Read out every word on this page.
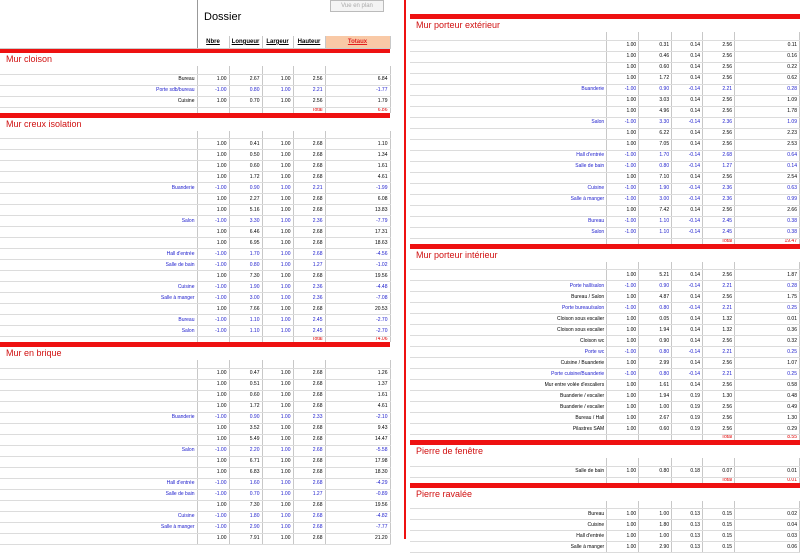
Dossier
Vue en plan
	Nbre	Longueur	Largeur	Hauteur	Totaux

Mur cloison					

Bureau	1.00	2.67	1.00	2.56	6.84
Porte sdb/bureau	-1.00	0.80	1.00	2.21	-1.77
Cuisine	1.00	0.70	1.00	2.56	1.79
				Total	6.86

Mur creux isolation					

	1.00	0.41	1.00	2.68	1.10
	1.00	0.50	1.00	2.68	1.34
	1.00	0.60	1.00	2.68	1.61
	1.00	1.72	1.00	2.68	4.61
Buanderie	-1.00	0.90	1.00	2.21	-1.99
	1.00	2.27	1.00	2.68	6.08
	1.00	5.16	1.00	2.68	13.83
Salon	-1.00	3.30	1.00	2.36	-7.79
	1.00	6.46	1.00	2.68	17.31
	1.00	6.95	1.00	2.68	18.63
Hall d'entrée	-1.00	1.70	1.00	2.68	-4.56
Salle de bain	-1.00	0.80	1.00	1.27	-1.02
	1.00	7.30	1.00	2.68	19.56
Cuisine	-1.00	1.90	1.00	2.36	-4.48
Salle à manger	-1.00	3.00	1.00	2.36	-7.08
	1.00	7.66	1.00	2.68	20.53
Bureau	-1.00	1.10	1.00	2.45	-2.70
Salon	-1.00	1.10	1.00	2.45	-2.70
				Total	74.06

Mur en brique					

	1.00	0.47	1.00	2.68	1.26
	1.00	0.51	1.00	2.68	1.37
	1.00	0.60	1.00	2.68	1.61
	1.00	1.72	1.00	2.68	4.61
Buanderie	-1.00	0.90	1.00	2.33	-2.10
	1.00	3.52	1.00	2.68	9.43
	1.00	5.49	1.00	2.68	14.47
Salon	-1.00	2.20	1.00	2.68	-5.58
	1.00	6.71	1.00	2.68	17.98
	1.00	6.83	1.00	2.68	18.30
Hall d'entrée	-1.00	1.60	1.00	2.68	-4.29
Salle de bain	-1.00	0.70	1.00	1.27	-0.89
	1.00	7.30	1.00	2.68	19.56
Cuisine	-1.00	1.80	1.00	2.68	-4.82
Salle à manger	-1.00	2.90	1.00	2.68	-7.77
	1.00	7.91	1.00	2.68	21.20

Mur porteur extérieur					

	1.00	0.31	0.14	2.56	0.11
	1.00	0.46	0.14	2.56	0.16
	1.00	0.60	0.14	2.56	0.22
	1.00	1.72	0.14	2.56	0.62
Buanderie	-1.00	0.90	-0.14	2.21	0.28
	1.00	3.03	0.14	2.56	1.09
	1.00	4.96	0.14	2.56	1.78
Salon	-1.00	3.30	-0.14	2.36	1.09
	1.00	6.22	0.14	2.56	2.23
	1.00	7.05	0.14	2.56	2.53
Hall d'entrée	-1.00	1.70	-0.14	2.68	0.64
Salle de bain	-1.00	0.80	-0.14	1.27	0.14
	1.00	7.10	0.14	2.56	2.54
Cuisine	-1.00	1.90	-0.14	2.36	0.63
Salle à manger	-1.00	3.00	-0.14	2.36	0.99
	1.00	7.42	0.14	2.56	2.66
Bureau	-1.00	1.10	-0.14	2.45	0.38
Salon	-1.00	1.10	-0.14	2.45	0.38
				Total	19.47

Mur porteur intérieur					

	1.00	5.21	0.14	2.56	1.87
Porte hall/salon	-1.00	0.90	-0.14	2.21	0.28
Bureau / Salon	1.00	4.87	0.14	2.56	1.75
Porte bureau/salon	-1.00	0.80	-0.14	2.21	0.25
Cloison sous escalier	1.00	0.05	0.14	1.32	0.01
Cloison sous escalier	1.00	1.94	0.14	1.32	0.36
Cloison wc	1.00	0.90	0.14	2.56	0.32
Porte wc	-1.00	0.80	-0.14	2.21	0.25
Cuisine / Buanderie	1.00	2.99	0.14	2.56	1.07
Porte cuisine/Buanderie	-1.00	0.80	-0.14	2.21	0.25
Mur entre volée d'escaliers	1.00	1.61	0.14	2.56	0.58
Buanderie / escalier	1.00	1.94	0.19	1.30	0.48
Buanderie / escalier	1.00	1.00	0.19	2.56	0.49
Bureau / Hall	1.00	2.67	0.19	2.56	1.30
Pilastres SAM	1.00	0.60	0.19	2.56	0.29
				Total	8.55

Pierre de fenêtre					

Salle de bain	1.00	0.80	0.18	0.07	0.01
				Total	0.01

Pierre ravalée					

Bureau	1.00	1.00	0.13	0.15	0.02
Cuisine	1.00	1.80	0.13	0.15	0.04
Hall d'entrée	1.00	1.00	0.13	0.15	0.03
Salle à manger	1.00	2.90	0.13	0.15	0.06
